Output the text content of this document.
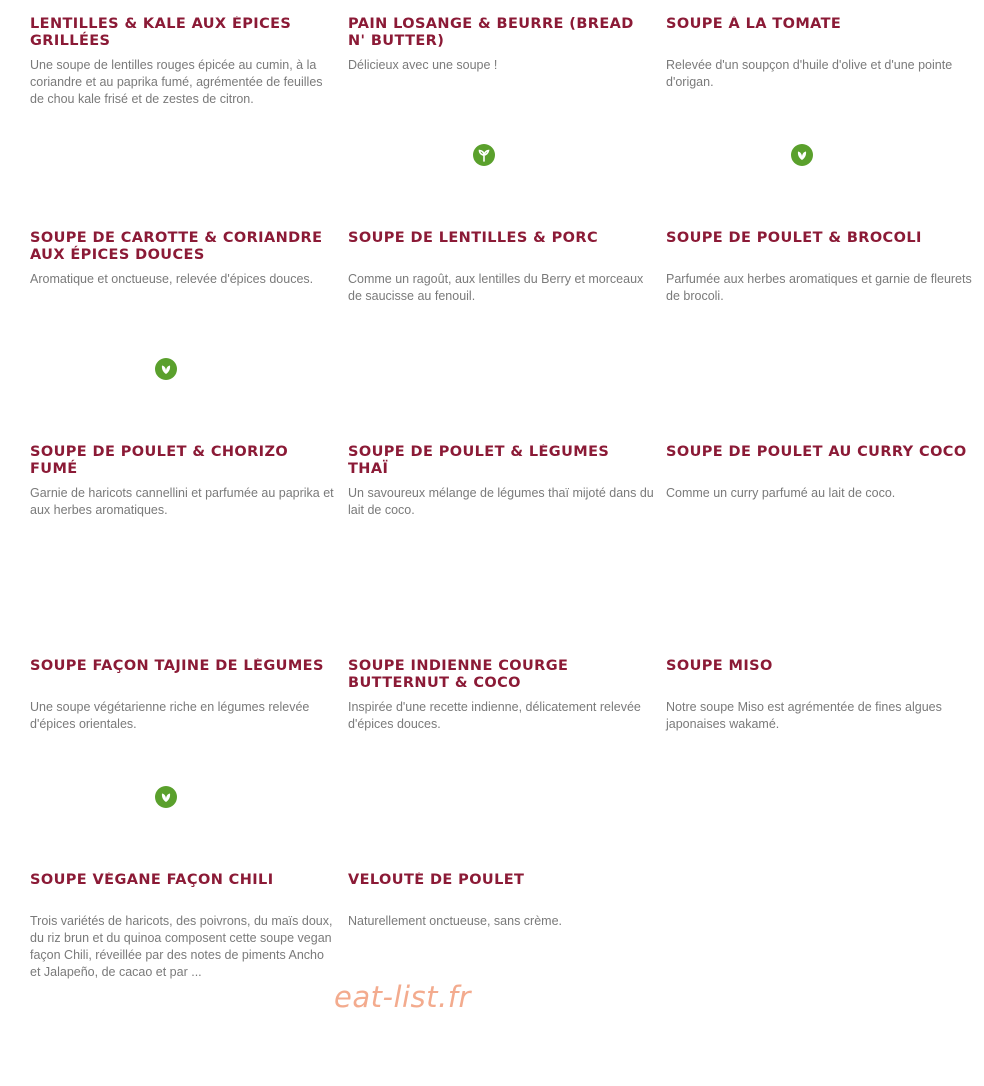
LENTILLES & KALE AUX ÉPICES GRILLÉES

Une soupe de lentilles rouges épicée au cumin, à la coriandre et au paprika fumé, agrémentée de feuilles de chou kale frisé et de zestes de citron.

PAIN LOSANGE & BEURRE (BREAD N' BUTTER)

Délicieux avec une soupe !

SOUPE À LA TOMATE

Relevée d'un soupçon d'huile d'olive et d'une pointe d'origan.

SOUPE DE CAROTTE & CORIANDRE AUX ÉPICES DOUCES

Aromatique et onctueuse, relevée d'épices douces.

SOUPE DE LENTILLES & PORC

Comme un ragoût, aux lentilles du Berry et morceaux de saucisse au fenouil.

SOUPE DE POULET & BROCOLI

Parfumée aux herbes aromatiques et garnie de fleurets de brocoli.

SOUPE DE POULET & CHORIZO FUMÉ

Garnie de haricots cannellini et parfumée au paprika et aux herbes aromatiques.

SOUPE DE POULET & LÉGUMES THAÏ

Un savoureux mélange de légumes thaï mijoté dans du lait de coco.

SOUPE DE POULET AU CURRY COCO

Comme un curry parfumé au lait de coco.

SOUPE FAÇON TAJINE DE LÉGUMES

Une soupe végétarienne riche en légumes relevée d'épices orientales.

SOUPE INDIENNE COURGE BUTTERNUT & COCO

Inspirée d'une recette indienne, délicatement relevée d'épices douces.

SOUPE MISO

Notre soupe Miso est agrémentée de fines algues japonaises wakamé.

SOUPE VÉGANE FAÇON CHILI

Trois variétés de haricots, des poivrons, du maïs doux, du riz brun et du quinoa composent cette soupe vegan façon Chili, réveillée par des notes de piments Ancho et Jalapeño, de cacao et par ...

VELOUTÉ DE POULET

Naturellement onctueuse, sans crème.

eat-list.fr
